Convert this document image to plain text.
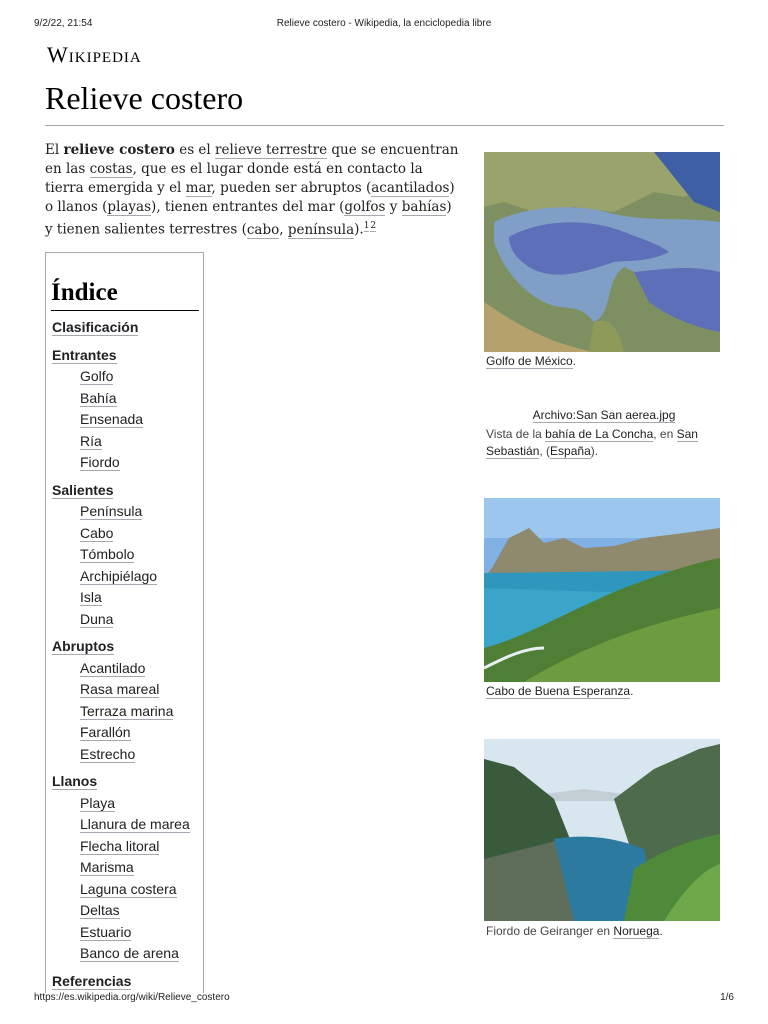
9/2/22, 21:54	Relieve costero - Wikipedia, la enciclopedia libre
Wikipedia
Relieve costero

El relieve costero es el relieve terrestre que se encuentran en las costas, que es el lugar donde está en contacto la tierra emergida y el mar, pueden ser abruptos (acantilados) o llanos (playas), tienen entrantes del mar (golfos y bahías) y tienen salientes terrestres (cabo, península).$^{1 2}$

Índice
Clasificación
Entrantes
Golfo
Bahía
Ensenada
Ría
Fiordo
Salientes
Península
Cabo
Tómbolo
Archipiélago
Isla
Duna
Abruptos
Acantilado
Rasa mareal
Terraza marina
Farallón
Estrecho
Llanos
Playa
Llanura de marea
Flecha litoral
Marisma
Laguna costera
Deltas
Estuario
Banco de arena
Referencias
Golfo de México.
Archivo:San San aerea.jpg
Vista de la bahía de La Concha, en San Sebastián, (España).
Cabo de Buena Esperanza.
Fiordo de Geiranger en Noruega.
https://es.wikipedia.org/wiki/Relieve_costero	1/6
